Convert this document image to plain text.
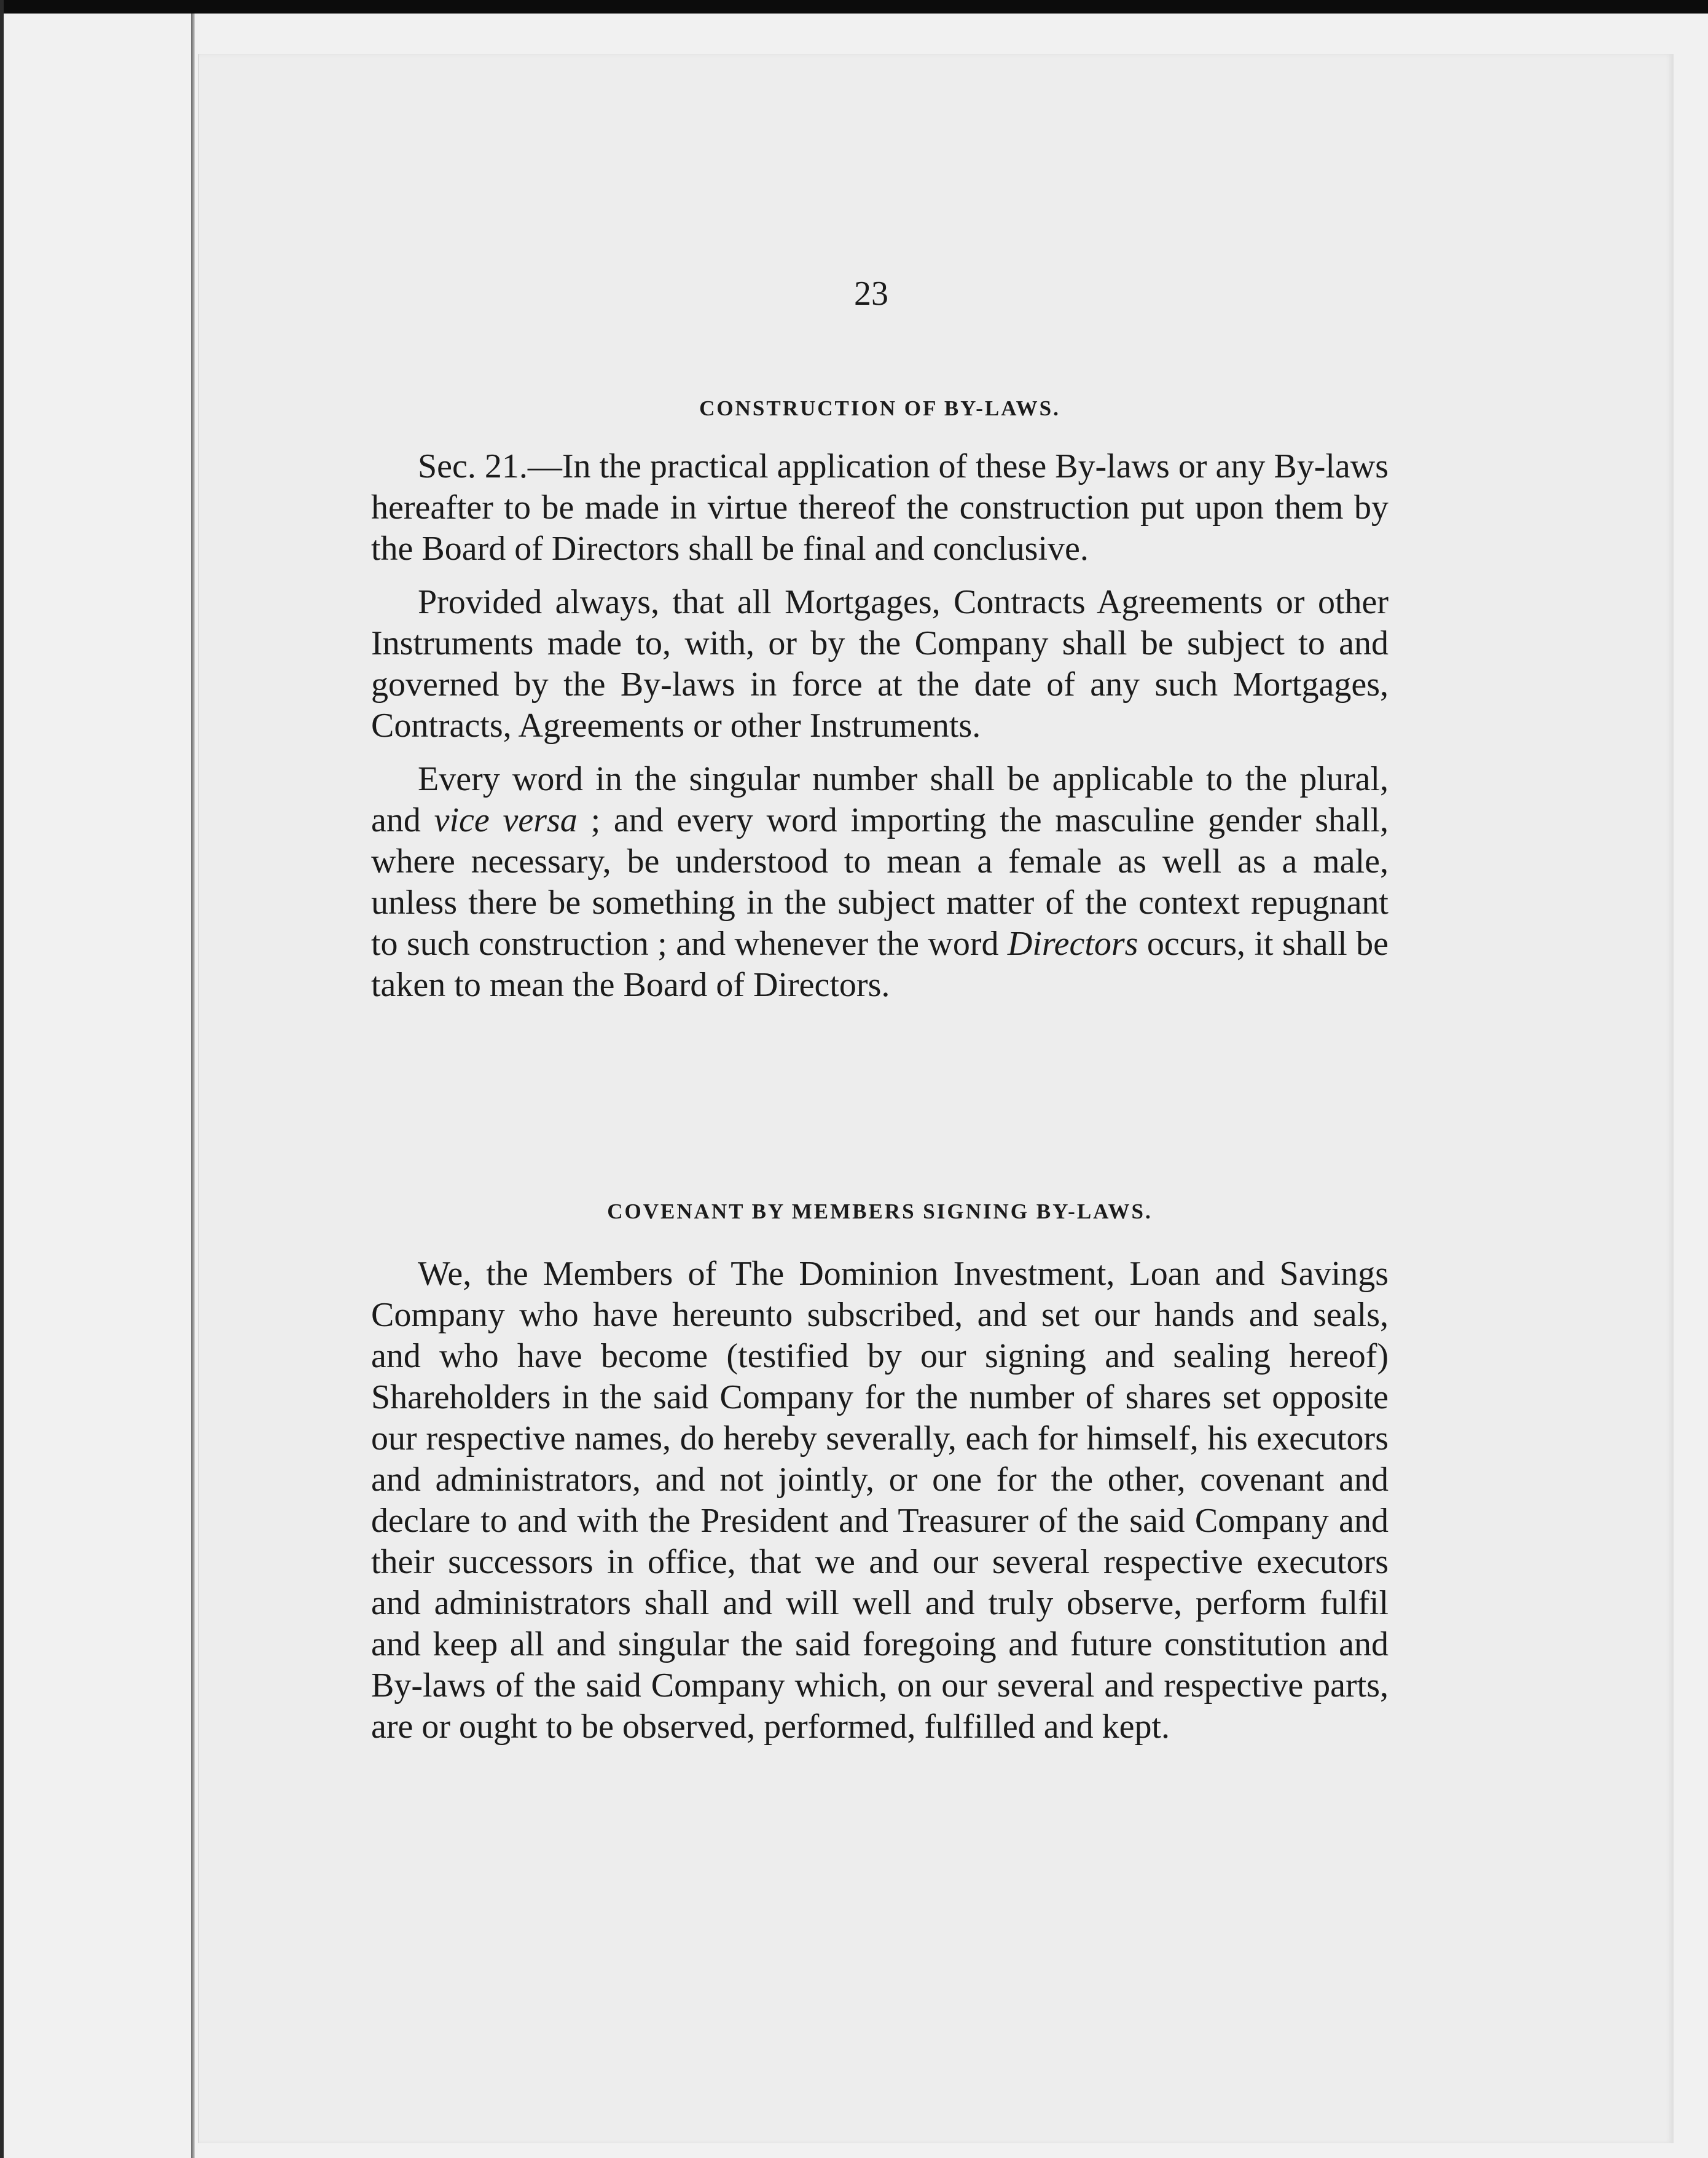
23
CONSTRUCTION OF BY-LAWS.

Sec. 21.—In the practical application of these By-laws or any By-laws hereafter to be made in virtue thereof the construction put upon them by the Board of Directors shall be final and conclusive.

Provided always, that all Mortgages, Contracts Agreements or other Instruments made to, with, or by the Company shall be subject to and governed by the By-laws in force at the date of any such Mortgages, Contracts, Agreements or other Instruments.

Every word in the singular number shall be applicable to the plural, and vice versa ; and every word importing the masculine gender shall, where necessary, be understood to mean a female as well as a male, unless there be something in the subject matter of the context repugnant to such construction ; and whenever the word Directors occurs, it shall be taken to mean the Board of Directors.

COVENANT BY MEMBERS SIGNING BY-LAWS.

We, the Members of The Dominion Investment, Loan and Savings Company who have hereunto subscribed, and set our hands and seals, and who have become (testified by our signing and sealing hereof) Shareholders in the said Company for the number of shares set opposite our respective names, do hereby severally, each for himself, his executors and administrators, and not jointly, or one for the other, covenant and declare to and with the President and Treasurer of the said Company and their successors in office, that we and our several respective executors and administrators shall and will well and truly observe, perform fulfil and keep all and singular the said foregoing and future constitution and By-laws of the said Company which, on our several and respective parts, are or ought to be observed, performed, fulfilled and kept.
